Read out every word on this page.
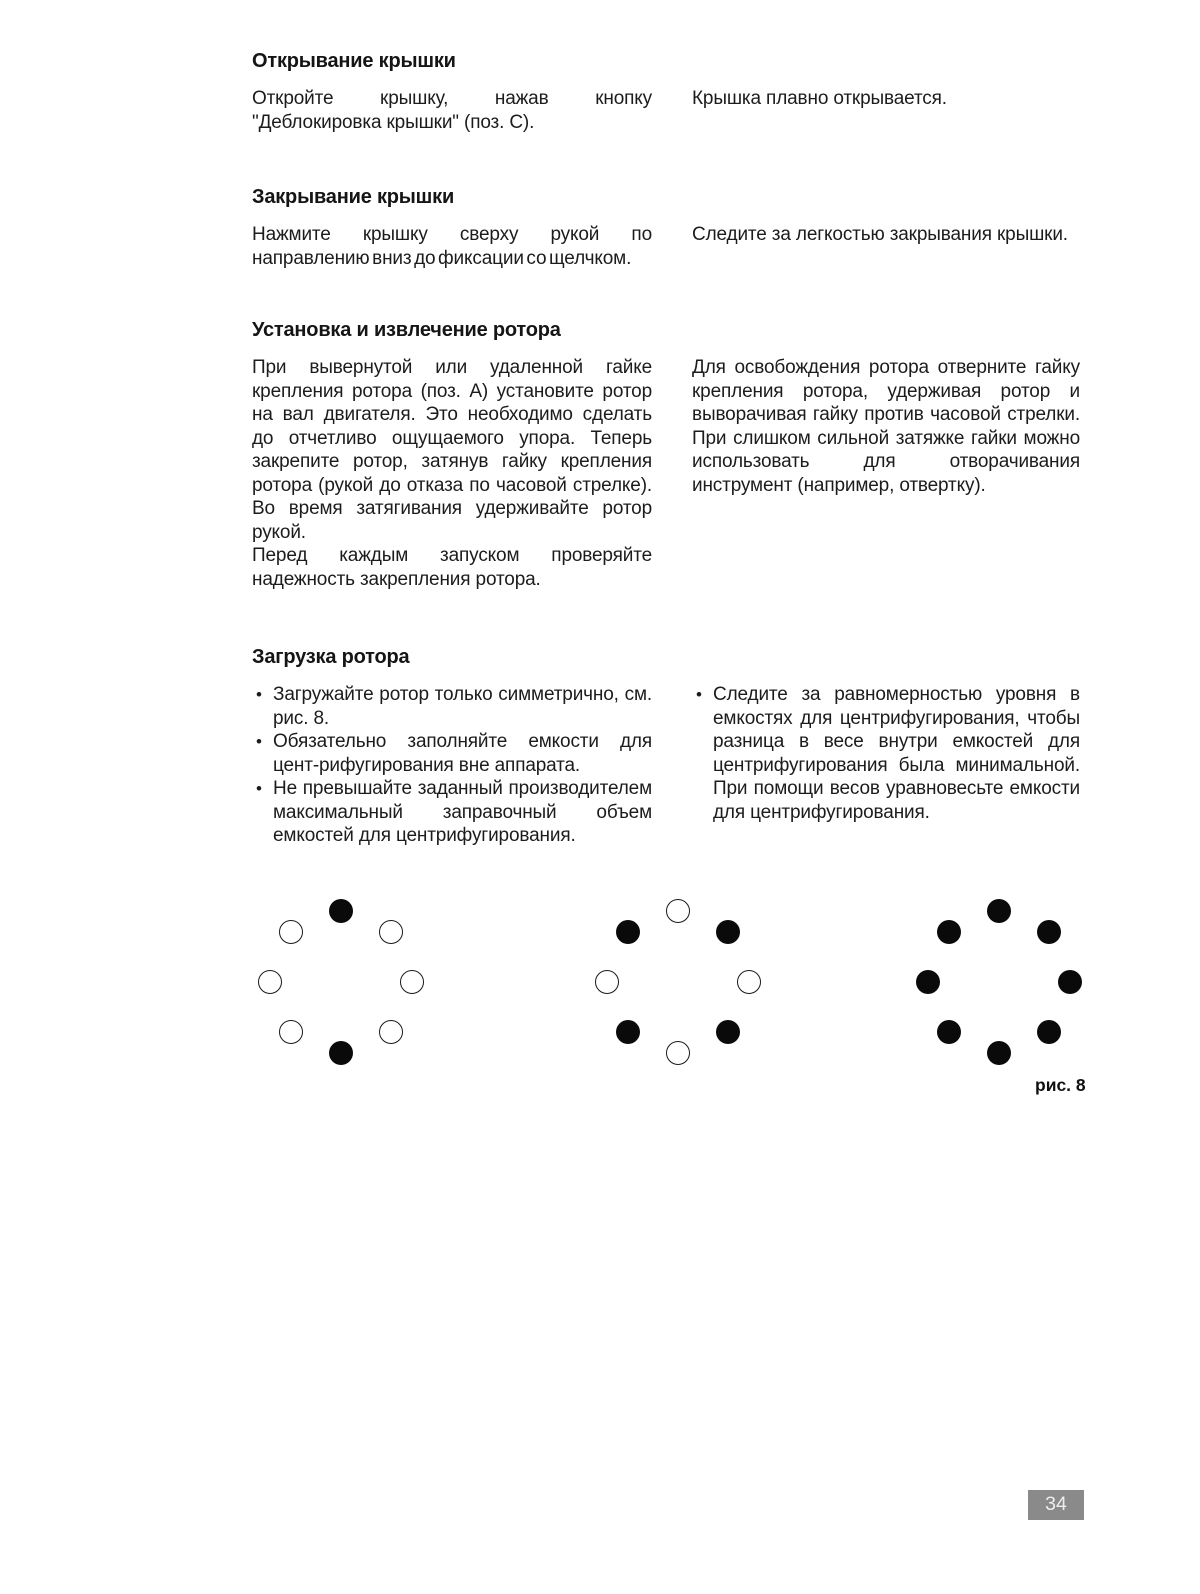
Открывание крышки

Откройте крышку, нажав кнопку "Деблокировка крышки" (поз. С).

Крышка плавно открывается.

Закрывание крышки

Нажмите крышку сверху рукой по направлению вниз до фиксации со щелчком.

Следите за легкостью закрывания крышки.

Установка и извлечение ротора

При вывернутой или удаленной гайке крепления ротора (поз. А) установите ротор на вал двигателя. Это необходимо сделать до отчетливо ощущаемого упора. Теперь закрепите ротор, затянув гайку крепления ротора (рукой до отказа по часовой стрелке). Во время затягивания удерживайте ротор рукой.

Перед каждым запуском проверяйте надежность закрепления ротора.

Для освобождения ротора отверните гайку крепления ротора, удерживая ротор и выворачивая гайку против часовой стрелки. При слишком сильной затяжке гайки можно использовать для отворачивания инструмент (например, отвертку).

Загрузка ротора
• Загружайте ротор только симметрично, см. рис. 8.
• Обязательно заполняйте емкости для цент-рифугирования вне аппарата.
• Не превышайте заданный производителем максимальный заправочный объем емкостей для центрифугирования.
• Следите за равномерностью уровня в емкостях для центрифугирования, чтобы разница в весе внутри емкостей для центрифугирования была минимальной. При помощи весов уравновесьте емкости для центрифугирования.
рис. 8
34
